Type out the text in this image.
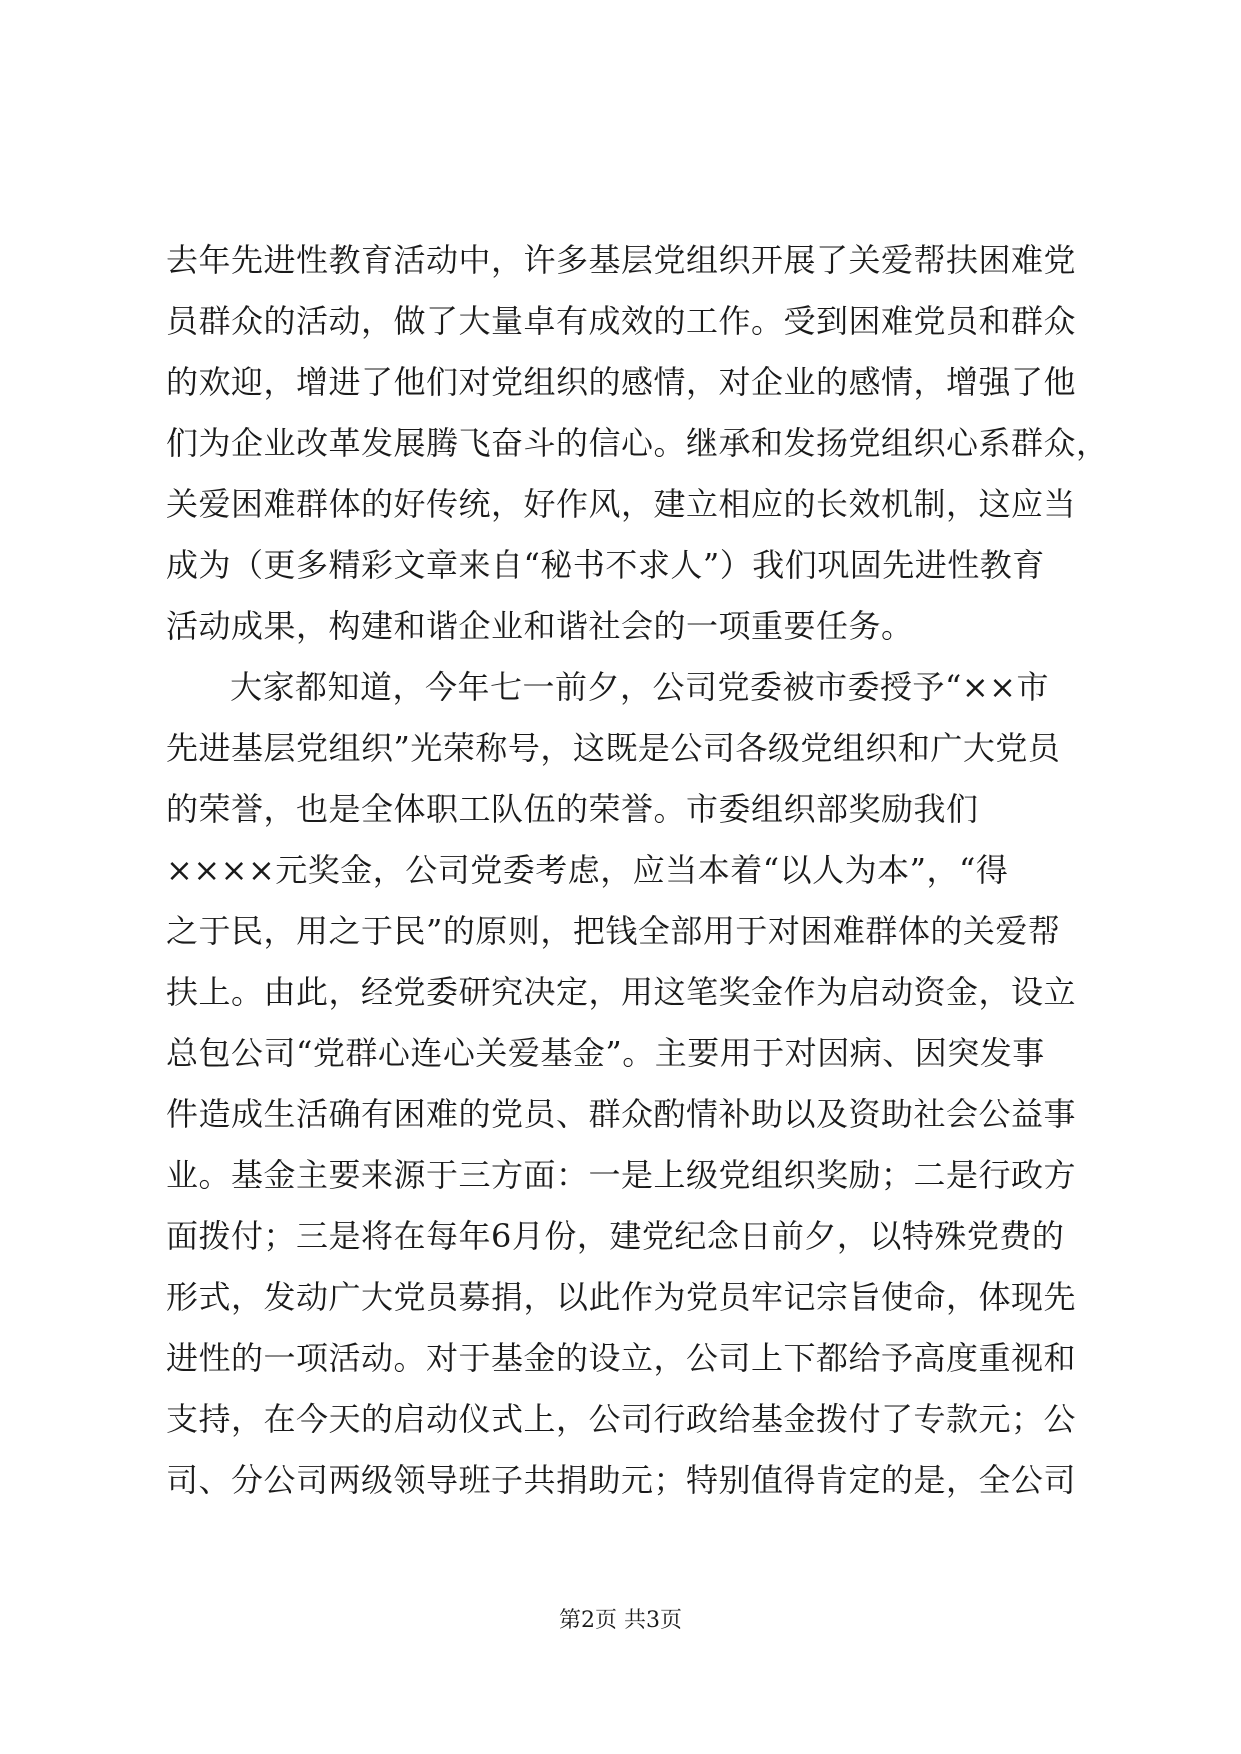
去年先进性教育活动中，许多基层党组织开展了关爱帮扶困难党
员群众的活动，做了大量卓有成效的工作。受到困难党员和群众
的欢迎，增进了他们对党组织的感情，对企业的感情，增强了他
们为企业改革发展腾飞奋斗的信心。继承和发扬党组织心系群众，
关爱困难群体的好传统，好作风，建立相应的长效机制，这应当
成为（更多精彩文章来自“秘书不求人”）我们巩固先进性教育
活动成果，构建和谐企业和谐社会的一项重要任务。
大家都知道，今年七一前夕，公司党委被市委授予“××市
先进基层党组织”光荣称号，这既是公司各级党组织和广大党员
的荣誉，也是全体职工队伍的荣誉。市委组织部奖励我们
××××元奖金，公司党委考虑，应当本着“以人为本”，“得
之于民，用之于民”的原则，把钱全部用于对困难群体的关爱帮
扶上。由此，经党委研究决定，用这笔奖金作为启动资金，设立
总包公司“党群心连心关爱基金”。主要用于对因病、因突发事
件造成生活确有困难的党员、群众酌情补助以及资助社会公益事
业。基金主要来源于三方面：一是上级党组织奖励；二是行政方
面拨付；三是将在每年6月份，建党纪念日前夕，以特殊党费的
形式，发动广大党员募捐，以此作为党员牢记宗旨使命，体现先
进性的一项活动。对于基金的设立，公司上下都给予高度重视和
支持，在今天的启动仪式上，公司行政给基金拨付了专款元；公
司、分公司两级领导班子共捐助元；特别值得肯定的是，全公司
第2页 共3页
